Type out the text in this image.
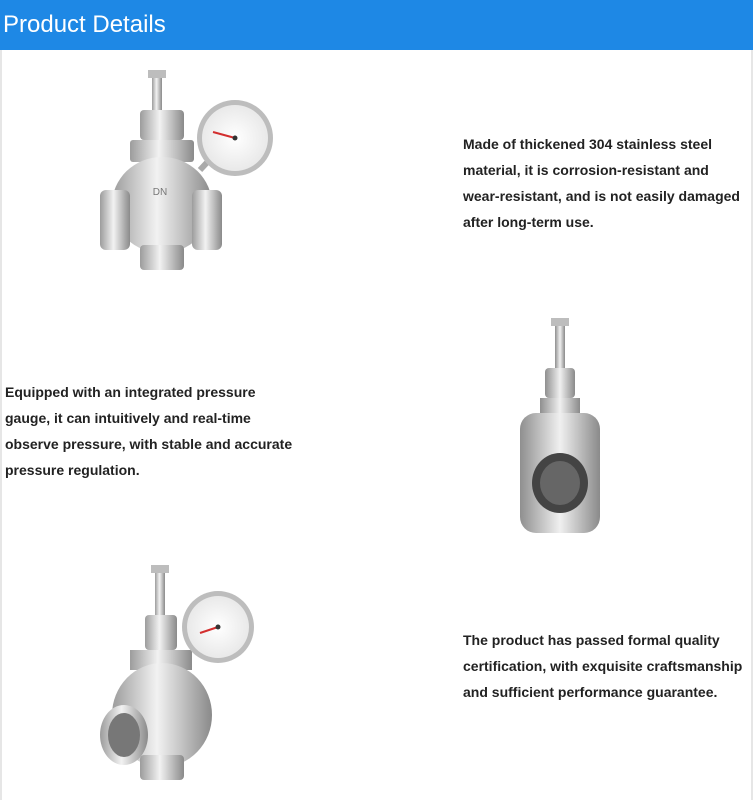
Product Details
DN
Made of thickened 304 stainless steel material, it is corrosion-resistant and wear-resistant, and is not easily damaged after long-term use.
Equipped with an integrated pressure gauge, it can intuitively and real-time observe pressure, with stable and accurate pressure regulation.
The product has passed formal quality certification, with exquisite craftsmanship and sufficient performance guarantee.
